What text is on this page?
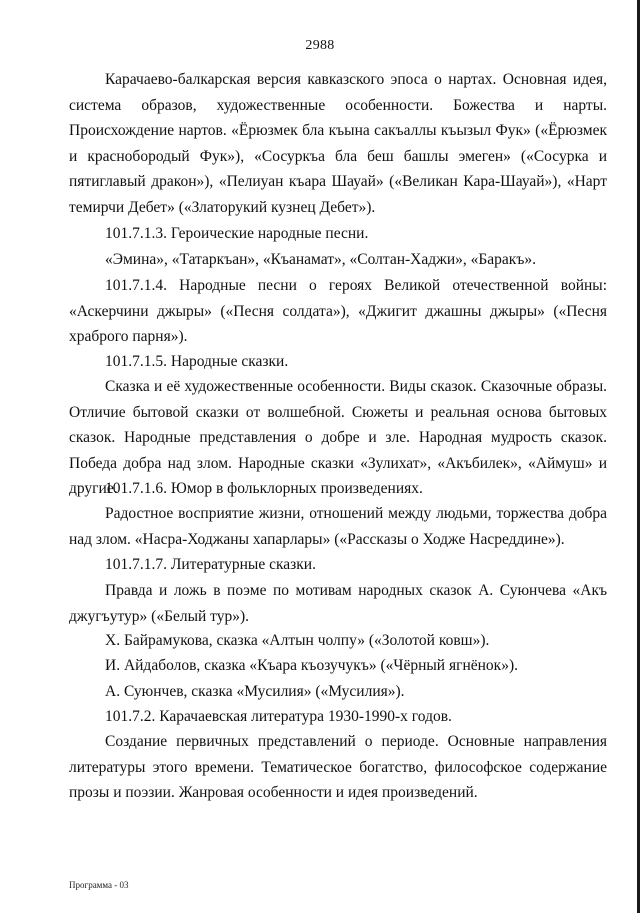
2988
Карачаево-балкарская версия кавказского эпоса о нартах. Основная идея, система образов, художественные особенности. Божества и нарты. Происхождение нартов. «Ёрюзмек бла къына сакъаллы къызыл Фук» («Ёрюзмек и краснобородый Фук»), «Сосуркъа бла беш башлы эмеген» («Сосурка и пятиглавый дракон»), «Пелиуан къара Шауай» («Великан Кара-Шауай»), «Нарт темирчи Дебет» («Златорукий кузнец Дебет»).
101.7.1.3. Героические народные песни.
«Эмина», «Татаркъан», «Къанамат», «Солтан-Хаджи», «Баракъ».
101.7.1.4. Народные песни о героях Великой отечественной войны: «Аскерчини джыры» («Песня солдата»), «Джигит джашны джыры» («Песня храброго парня»).
101.7.1.5. Народные сказки.
Сказка и её художественные особенности. Виды сказок. Сказочные образы. Отличие бытовой сказки от волшебной. Сюжеты и реальная основа бытовых сказок. Народные представления о добре и зле. Народная мудрость сказок. Победа добра над злом. Народные сказки «Зулихат», «Акъбилек», «Аймуш» и другие.
101.7.1.6. Юмор в фольклорных произведениях.
Радостное восприятие жизни, отношений между людьми, торжества добра над злом. «Насра-Ходжаны хапарлары» («Рассказы о Ходже Насреддине»).
101.7.1.7. Литературные сказки.
Правда и ложь в поэме по мотивам народных сказок А. Суюнчева «Акъ джугъутур» («Белый тур»).
Х. Байрамукова, сказка «Алтын чолпу» («Золотой ковш»).
И. Айдаболов, сказка «Къара къозучукъ» («Чёрный ягнёнок»).
А. Суюнчев, сказка «Мусилия» («Мусилия»).
101.7.2. Карачаевская литература 1930-1990-х годов.
Создание первичных представлений о периоде. Основные направления литературы этого времени. Тематическое богатство, философское содержание прозы и поэзии. Жанровая особенности и идея произведений.
Программа - 03
